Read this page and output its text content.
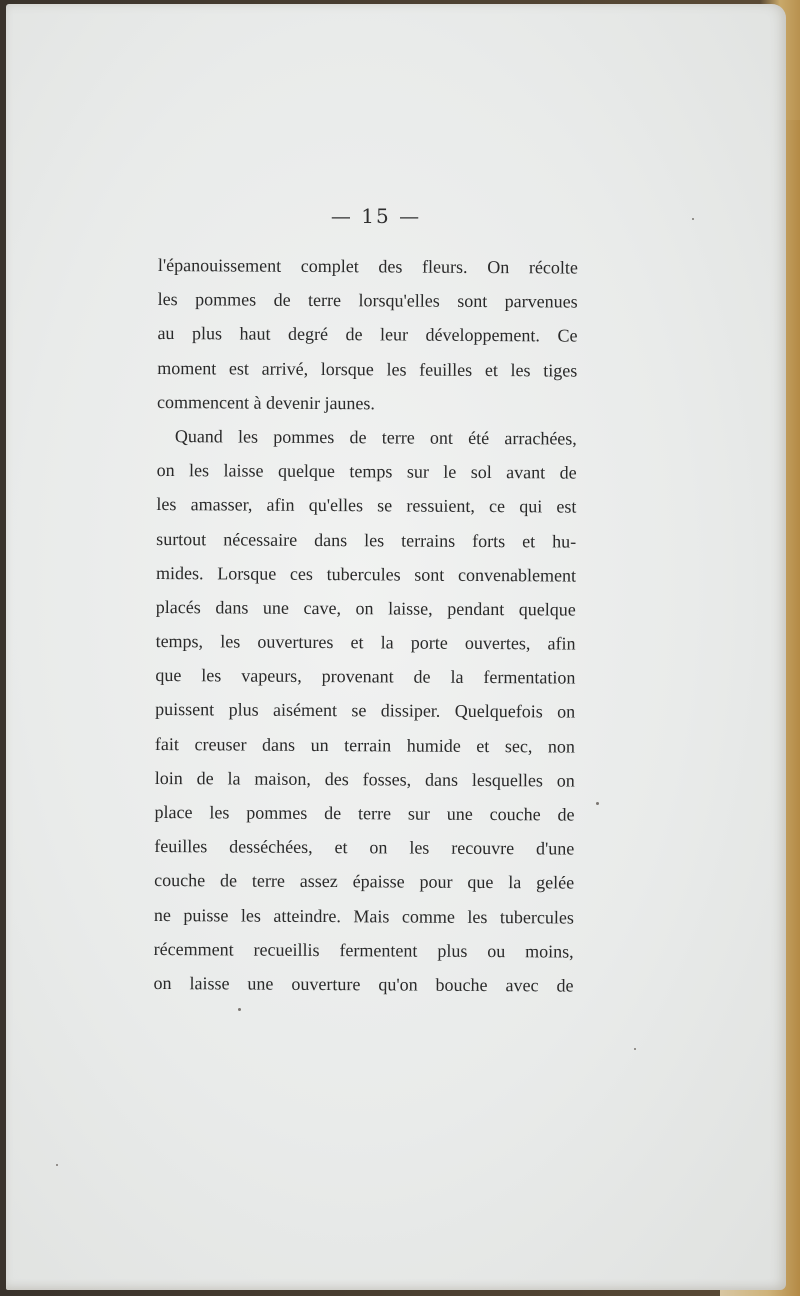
— 15 —
l'épanouissement complet des fleurs. On récolte
les pommes de terre lorsqu'elles sont parvenues
au plus haut degré de leur développement. Ce
moment est arrivé, lorsque les feuilles et les tiges
commencent à devenir jaunes.
Quand les pommes de terre ont été arrachées,
on les laisse quelque temps sur le sol avant de
les amasser, afin qu'elles se ressuient, ce qui est
surtout nécessaire dans les terrains forts et hu-
mides. Lorsque ces tubercules sont convenablement
placés dans une cave, on laisse, pendant quelque
temps, les ouvertures et la porte ouvertes, afin
que les vapeurs, provenant de la fermentation
puissent plus aisément se dissiper. Quelquefois on
fait creuser dans un terrain humide et sec, non
loin de la maison, des fosses, dans lesquelles on
place les pommes de terre sur une couche de
feuilles desséchées, et on les recouvre d'une
couche de terre assez épaisse pour que la gelée
ne puisse les atteindre. Mais comme les tubercules
récemment recueillis fermentent plus ou moins,
on laisse une ouverture qu'on bouche avec de
